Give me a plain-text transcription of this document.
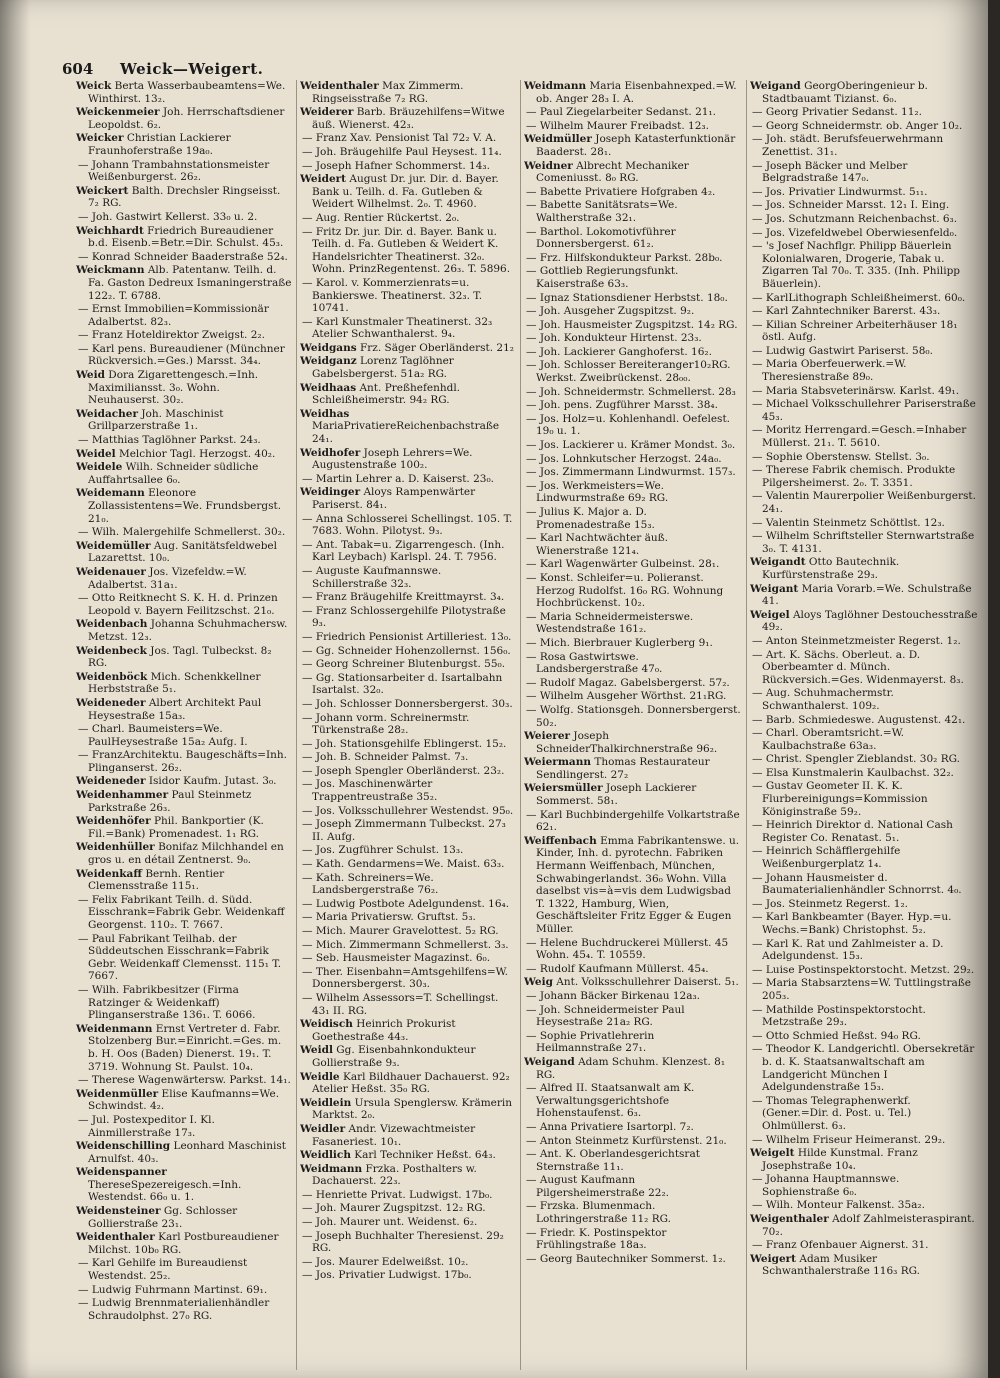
604 Weick—Weigert.
Weick Berta Wasserbaubeamtens=We. Winthirst. 13₂.
Weickenmeier Joh. Herrschaftsdiener Leopoldst. 6₂.
Weicker Christian Lackierer Fraunhoferstraße 19a₀.
— Johann Trambahnstationsmeister Weißenburgerst. 26₂.
Weickert Balth. Drechsler Ringseisst. 7₂ RG.
— Joh. Gastwirt Kellerst. 33₀ u. 2.
Weichhardt Friedrich Bureaudiener b.d. Eisenb.=Betr.=Dir. Schulst. 45₃.
— Konrad Schneider Baaderstraße 52₄.
Weickmann Alb. Patentanw. Teilh. d. Fa. Gaston Dedreux Ismaningerstraße 122₂. T. 6788.
— Ernst Immobilien=Kommissionär Adalbertst. 82₃.
— Franz Hoteldirektor Zweigst. 2₂.
— Karl pens. Bureaudiener (Münchner Rückversich.=Ges.) Marsst. 34₄.
Weid Dora Zigarettengesch.=Inh. Maximiliansst. 3₀. Wohn. Neuhauserst. 30₂.
Weidacher Joh. Maschinist Grillparzerstraße 1₁.
— Matthias Taglöhner Parkst. 24₃.
Weidel Melchior Tagl. Herzogst. 40₂.
Weidele Wilh. Schneider südliche Auffahrtsallee 6₀.
Weidemann Eleonore Zollassistentens=We. Frundsbergst. 21₀.
— Wilh. Malergehilfe Schmellerst. 30₂.
Weidemüller Aug. Sanitätsfeldwebel Lazarettst. 10₀.
Weidenauer Jos. Vizefeldw.=W. Adalbertst. 31a₁.
— Otto Reitknecht S. K. H. d. Prinzen Leopold v. Bayern Feilitzschst. 21₀.
Weidenbach Johanna Schuhmachersw. Metzst. 12₃.
Weidenbeck Jos. Tagl. Tulbeckst. 8₂ RG.
Weidenböck Mich. Schenkkellner Herbststraße 5₁.
Weideneder Albert Architekt Paul Heysestraße 15a₃.
— Charl. Baumeisters=We. PaulHeysestraße 15a₂ Aufg. I.
— FranzArchitektu. Baugeschäfts=Inh. Plinganserst. 26₂.
Weideneder Isidor Kaufm. Jutast. 3₀.
Weidenhammer Paul Steinmetz Parkstraße 26₃.
Weidenhöfer Phil. Bankportier (K. Fil.=Bank) Promenadest. 1₁ RG.
Weidenhüller Bonifaz Milchhandel en gros u. en détail Zentnerst. 9₀.
Weidenkaff Bernh. Rentier Clemensstraße 115₁.
— Felix Fabrikant Teilh. d. Südd. Eisschrank=Fabrik Gebr. Weidenkaff Georgenst. 110₂. T. 7667.
— Paul Fabrikant Teilhab. der Süddeutschen Eisschrank=Fabrik Gebr. Weidenkaff Clemensst. 115₁ T. 7667.
— Wilh. Fabrikbesitzer (Firma Ratzinger & Weidenkaff) Plinganserstraße 136₁. T. 6066.
Weidenmann Ernst Vertreter d. Fabr. Stolzenberg Bur.=Einricht.=Ges. m. b. H. Oos (Baden) Dienerst. 19₁. T. 3719. Wohnung St. Paulst. 10₄.
— Therese Wagenwärtersw. Parkst. 14₁.
Weidenmüller Elise Kaufmanns=We. Schwindst. 4₂.
— Jul. Postexpeditor I. Kl. Ainmillerstraße 17₃.
Weidenschilling Leonhard Maschinist Arnulfst. 40₃.
Weidenspanner TheresеSpezereigesch.=Inh. Westendst. 66₀ u. 1.
Weidensteiner Gg. Schlosser Gollierstraße 23₁.
Weidenthaler Karl Postbureaudiener Milchst. 10b₀ RG.
— Karl Gehilfe im Bureaudienst Westendst. 25₂.
— Ludwig Fuhrmann Martinst. 69₁.
— Ludwig Brennmaterialienhändler Schraudolphst. 27₀ RG.
Weidenthaler Max Zimmerm. Ringseisstraße 7₂ RG.
Weiderer Barb. Bräuzehilfens=Witwe äuß. Wienerst. 42₃.
— Franz Xav. Pensionist Tal 72₂ V. A.
— Joh. Bräugehilfe Paul Heysest. 11₄.
— Joseph Hafner Schommerst. 14₃.
Weidert August Dr. jur. Dir. d. Bayer. Bank u. Teilh. d. Fa. Gutleben & Weidert Wilhelmst. 2₀. T. 4960.
— Aug. Rentier Rückertst. 2₀.
— Fritz Dr. jur. Dir. d. Bayer. Bank u. Teilh. d. Fa. Gutleben & Weidert K. Handelsrichter Theatinerst. 32₀. Wohn. PrinzRegentenst. 26₃. T. 5896.
— Karol. v. Kommerzienrats=u. Bankierswe. Theatinerst. 32₃. T. 10741.
— Karl Kunstmaler Theatinerst. 32₃ Atelier Schwanthalerst. 9₄.
Weidgans Frz. Säger Oberländerst. 21₂
Weidganz Lorenz Taglöhner Gabelsbergerst. 51a₂ RG.
Weidhaas Ant. Preßhefenhdl. Schleißheimerstr. 94₂ RG.
Weidhas MariaPrivatiereReichenbachstraße 24₁.
Weidhofer Joseph Lehrers=We. Augustenstraße 100₂.
— Martin Lehrer a. D. Kaiserst. 23₀.
Weidinger Aloys Rampenwärter Pariserst. 84₁.
— Anna Schlosserei Schellingst. 105. T. 7683. Wohn. Pilotyst. 9₃.
— Ant. Tabak=u. Zigarrengesch. (Inh. Karl Leybach) Karlspl. 24. T. 7956.
— Auguste Kaufmannswe. Schillerstraße 32₃.
— Franz Bräugehilfe Kreittmayrst. 3₄.
— Franz Schlossergehilfe Pilotystraße 9₃.
— Friedrich Pensionist Artilleriest. 13₀.
— Gg. Schneider Hohenzollernst. 156₀.
— Georg Schreiner Blutenburgst. 55₀.
— Gg. Stationsarbeiter d. Isartalbahn Isartalst. 32₀.
— Joh. Schlosser Donnersbergerst. 30₃.
— Johann vorm. Schreinermstr. Türkenstraße 28₂.
— Joh. Stationsgehilfe Eblingerst. 15₂.
— Joh. B. Schneider Palmst. 7₃.
— Joseph Spengler Oberländerst. 23₂.
— Jos. Maschinenwärter Trappentreustraße 35₂.
— Jos. Volksschullehrer Westendst. 95₀.
— Joseph Zimmermann Tulbeckst. 27₃ II. Aufg.
— Jos. Zugführer Schulst. 13₃.
— Kath. Gendarmens=We. Maist. 63₃.
— Kath. Schreiners=We. Landsbergerstraße 76₂.
— Ludwig Postbote Adelgundenst. 16₄.
— Maria Privatiersw. Gruftst. 5₃.
— Mich. Maurer Gravelottest. 5₂ RG.
— Mich. Zimmermann Schmellerst. 3₃.
— Seb. Hausmeister Magazinst. 6₀.
— Ther. Eisenbahn=Amtsgehilfens=W. Donnersbergerst. 30₃.
— Wilhelm Assessors=T. Schellingst. 43₁ II. RG.
Weidisch Heinrich Prokurist Goethestraße 44₃.
Weidl Gg. Eisenbahnkondukteur Gollierstraße 9₃.
Weidle Karl Bildhauer Dachauerst. 92₂ Atelier Heßst. 35₀ RG.
Weidlein Ursula Spenglersw. Krämerin Marktst. 2₀.
Weidler Andr. Vizewachtmeister Fasaneriest. 10₁.
Weidlich Karl Techniker Heßst. 64₃.
Weidmann Frzka. Posthalters w. Dachauerst. 22₃.
— Henriette Privat. Ludwigst. 17b₀.
— Joh. Maurer Zugspitzst. 12₂ RG.
— Joh. Maurer unt. Weidenst. 6₂.
— Joseph Buchhalter Theresienst. 29₂ RG.
— Jos. Maurer Edelweißst. 10₂.
— Jos. Privatier Ludwigst. 17b₀.
Weidmann Maria Eisenbahnexped.=W. ob. Anger 28₃ I. A.
— Paul Ziegelarbeiter Sedanst. 21₁.
— Wilhelm Maurer Freibadst. 12₃.
Weidmüller Joseph Katasterfunktionär Baaderst. 28₁.
Weidner Albrecht Mechaniker Comeniusst. 8₀ RG.
— Babette Privatiere Hofgraben 4₂.
— Babette Sanitätsrats=We. Waltherstraße 32₁.
— Barthol. Lokomotivführer Donnersbergerst. 61₂.
— Frz. Hilfskondukteur Parkst. 28b₀.
— Gottlieb Regierungsfunkt. Kaiserstraße 63₃.
— Ignaz Stationsdiener Herbstst. 18₀.
— Joh. Ausgeher Zugspitzst. 9₂.
— Joh. Hausmeister Zugspitzst. 14₂ RG.
— Joh. Kondukteur Hirtenst. 23₃.
— Joh. Lackierer Ganghoferst. 16₂.
— Joh. Schlosser Bereiteranger10₂RG. Werkst. Zweibrückenst. 28₀₀.
— Joh. Schneidermstr. Schmellerst. 28₃
— Joh. pens. Zugführer Marsst. 38₄.
— Jos. Holz=u. Kohlenhandl. Oefelest. 19₀ u. 1.
— Jos. Lackierer u. Krämer Mondst. 3₀.
— Jos. Lohnkutscher Herzogst. 24a₀.
— Jos. Zimmermann Lindwurmst. 157₃.
— Jos. Werkmeisters=We. Lindwurmstraße 69₂ RG.
— Julius K. Major a. D. Promenadestraße 15₃.
— Karl Nachtwächter äuß. Wienerstraße 121₄.
— Karl Wagenwärter Gulbeinst. 28₁.
— Konst. Schleifer=u. Polieranst. Herzog Rudolfst. 16₀ RG. Wohnung Hochbrückenst. 10₂.
— Maria Schneidermeisterswe. Westendstraße 161₂.
— Mich. Bierbrauer Kuglerberg 9₁.
— Rosa Gastwirtswe. Landsbergerstraße 47₀.
— Rudolf Magaz. Gabelsbergerst. 57₂.
— Wilhelm Ausgeher Wörthst. 21₁RG.
— Wolfg. Stationsgeh. Donnersbergerst. 50₂.
Weierer Joseph SchneiderThalkirchnerstraße 96₂.
Weiermann Thomas Restaurateur Sendlingerst. 27₂
Weiersmüller Joseph Lackierer Sommerst. 58₁.
— Karl Buchbindergehilfe Volkartstraße 62₁.
Weiffenbach Emma Fabrikantenswe. u. Kinder, Inh. d. pyrotechn. Fabriken Hermann Weiffenbach, München, Schwabingerlandst. 36₀ Wohn. Villa daselbst vis=à=vis dem Ludwigsbad T. 1322, Hamburg, Wien, Geschäftsleiter Fritz Egger & Eugen Müller.
— Helene Buchdruckerei Müllerst. 45 Wohn. 45₄. T. 10559.
— Rudolf Kaufmann Müllerst. 45₄.
Weig Ant. Volksschullehrer Daiserst. 5₁.
— Johann Bäcker Birkenau 12a₃.
— Joh. Schneidermeister Paul Heysestraße 21a₂ RG.
— Sophie Privatlehrerin Heilmannstraße 27₁.
Weigand Adam Schuhm. Klenzest. 8₁ RG.
— Alfred II. Staatsanwalt am K. Verwaltungsgerichtshofe Hohenstaufenst. 6₃.
— Anna Privatiere Isartorpl. 7₂.
— Anton Steinmetz Kurfürstenst. 21₀.
— Ant. K. Oberlandesgerichtsrat Sternstraße 11₁.
— August Kaufmann Pilgersheimerstraße 22₂.
— Frzska. Blumenmach. Lothringerstraße 11₂ RG.
— Friedr. K. Postinspektor Frühlingstraße 18a₃.
— Georg Bautechniker Sommerst. 1₂.
Weigand GeorgOberingenieur b. Stadtbauamt Tizianst. 6₀.
— Georg Privatier Sedanst. 11₂.
— Georg Schneidermstr. ob. Anger 10₂.
— Joh. städt. Berufsfeuerwehrmann Zenettist. 31₁.
— Joseph Bäcker und Melber Belgradstraße 147₀.
— Jos. Privatier Lindwurmst. 5₁₁.
— Jos. Schneider Marsst. 12₁ I. Eing.
— Jos. Schutzmann Reichenbachst. 6₃.
— Jos. Vizefeldwebel Oberwiesenfeld₀.
— 's Josef Nachflgr. Philipp Bäuerlein Kolonialwaren, Drogerie, Tabak u. Zigarren Tal 70₀. T. 335. (Inh. Philipp Bäuerlein).
— KarlLithograph Schleißheimerst. 60₀.
— Karl Zahntechniker Barerst. 43₃.
— Kilian Schreiner Arbeiterhäuser 18₁ östl. Aufg.
— Ludwig Gastwirt Pariserst. 58₀.
— Maria Oberfeuerwerk.=W. Theresienstraße 89₀.
— Maria Stabsveterinärsw. Karlst. 49₁.
— Michael Volksschullehrer Pariserstraße 45₃.
— Moritz Herrengard.=Gesch.=Inhaber Müllerst. 21₁. T. 5610.
— Sophie Oberstensw. Stellst. 3₀.
— Therese Fabrik chemisch. Produkte Pilgersheimerst. 2₀. T. 3351.
— Valentin Maurerpolier Weißenburgerst. 24₁.
— Valentin Steinmetz Schöttlst. 12₃.
— Wilhelm Schriftsteller Sternwartstraße 3₀. T. 4131.
Weigandt Otto Bautechnik. Kurfürstenstraße 29₃.
Weigant Maria Vorarb.=We. Schulstraße 41.
Weigel Aloys Taglöhner Destouchesstraße 49₂.
— Anton Steinmetzmeister Regerst. 1₂.
— Art. K. Sächs. Oberleut. a. D. Oberbeamter d. Münch. Rückversich.=Ges. Widenmayerst. 8₃.
— Aug. Schuhmachermstr. Schwanthalerst. 109₂.
— Barb. Schmiedeswe. Augustenst. 42₁.
— Charl. Oberamtsricht.=W. Kaulbachstraße 63a₃.
— Christ. Spengler Zieblandst. 30₂ RG.
— Elsa Kunstmalerin Kaulbachst. 32₂.
— Gustav Geometer II. K. K. Flurbereinigungs=Kommission Königinstraße 59₂.
— Heinrich Direktor d. National Cash Register Co. Renatast. 5₁.
— Heinrich Schäfflergehilfe Weißenburgerplatz 1₄.
— Johann Hausmeister d. Baumaterialienhändler Schnorrst. 4₀.
— Jos. Steinmetz Regerst. 1₂.
— Karl Bankbeamter (Bayer. Hyp.=u. Wechs.=Bank) Christophst. 5₂.
— Karl K. Rat und Zahlmeister a. D. Adelgundenst. 15₃.
— Luise Postinspektorstocht. Metzst. 29₂.
— Maria Stabsarztens=W. Tuttlingstraße 205₃.
— Mathilde Postinspektorstocht. Metzstraße 29₃.
— Otto Schmied Heßst. 94₀ RG.
— Theodor K. Landgerichtl. Obersekretär b. d. K. Staatsanwaltschaft am Landgericht München I Adelgundenstraße 15₃.
— Thomas Telegraphenwerkf. (Gener.=Dir. d. Post. u. Tel.) Ohlmüllerst. 6₃.
— Wilhelm Friseur Heimeranst. 29₂.
Weigelt Hilde Kunstmal. Franz Josephstraße 10₄.
— Johanna Hauptmannswe. Sophienstraße 6₀.
— Wilh. Monteur Falkenst. 35a₂.
Weigenthaler Adolf Zahlmeisteraspirant. 70₂.
— Franz Ofenbauer Aignerst. 31.
Weigert Adam Musiker Schwanthalerstraße 116₃ RG.
